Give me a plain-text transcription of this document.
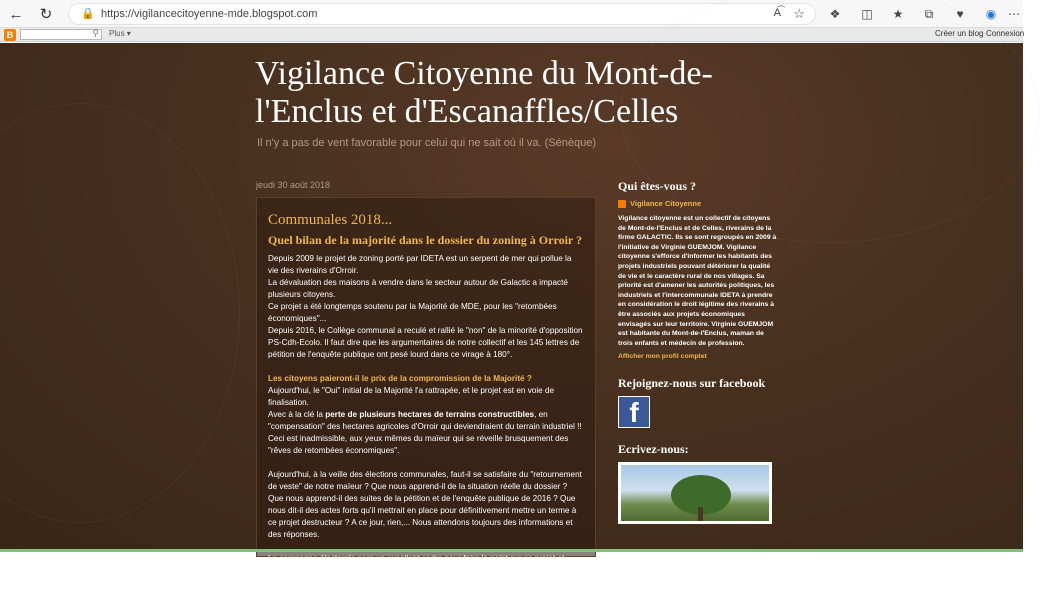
← ↻	🔒 https://vigilancecitoyenne-mde.blogspot.com	A͡ ☆	❖	◫	★	⧉	♥	◉ ⋯
B	⚲ Plus ▾	Créer un blog Connexion
Vigilance Citoyenne du Mont-de-l'Enclus et d'Escanaffles/Celles
Il n'y a pas de vent favorable pour celui qui ne sait où il va. (Sénèque)
jeudi 30 août 2018
Communales 2018...
Quel bilan de la majorité dans le dossier du zoning à Orroir ?

Depuis 2009 le projet de zoning porté par IDETA est un serpent de mer qui pollue la vie des riverains d'Orroir.

La dévaluation des maisons à vendre dans le secteur autour de Galactic a impacté plusieurs citoyens.

Ce projet a été longtemps soutenu par la Majorité de MDE, pour les "retombées économiques"...

Depuis 2016, le Collège communal a reculé et rallié le "non" de la minorité d'opposition PS-Cdh-Ecolo. Il faut dire que les argumentaires de notre collectif et les 145 lettres de pétition de l'enquête publique ont pesé lourd dans ce virage à 180°.

Les citoyens paieront-il le prix de la compromission de la Majorité ?

Aujourd'hui, le "Oui" initial de la Majorité l'a rattrapée, et le projet est en voie de finalisation.

Avec à la clé la perte de plusieurs hectares de terrains constructibles, en "compensation" des hectares agricoles d'Orroir qui deviendraient du terrain industriel !! Ceci est inadmissible, aux yeux mêmes du maïeur qui se réveille brusquement des "rêves de retombées économiques".

Aujourd'hui, à la veille des élections communales, faut-il se satisfaire du "retournement de veste" de notre maïeur ? Que nous apprend-il de la situation réelle du dossier ? Que nous apprend-il des suites de la pétition et de l'enquête publique de 2016 ? Que nous dit-il des actes forts qu'il mettrait en place pour définitivement mettre un terme à ce projet destructeur ? A ce jour, rien,... Nous attendons toujours des informations et des réponses.

La campagne électorale sera un excellent cadre pour faire le point sur ce projet et permettre aux citoyens d'être assurés de la détermination de leurs futurs élus à protéger le cadre rural et la qualité de vie des Enclusiens.

Qui êtes-vous ?
Vigilance Citoyenne
Vigilance citoyenne est un collectif de citoyens de Mont-de-l'Enclus et de Celles, riverains de la firme GALACTIC. Ils se sont regroupés en 2009 à l'initiative de Virginie GUEMJOM. Vigilance citoyenne s'efforce d'informer les habitants des projets industriels pouvant détériorer la qualité de vie et le caractère rural de nos villages. Sa priorité est d'amener les autorités politiques, les industriels et l'intercommunale IDETA à prendre en considération le droit légitime des riverains à être associés aux projets économiques envisagés sur leur territoire. Virginie GUEMJOM est habitante du Mont-de-l'Enclus, maman de trois enfants et médecin de profession.
Afficher mon profil complet
Rejoignez-nous sur facebook
f
Ecrivez-nous:
